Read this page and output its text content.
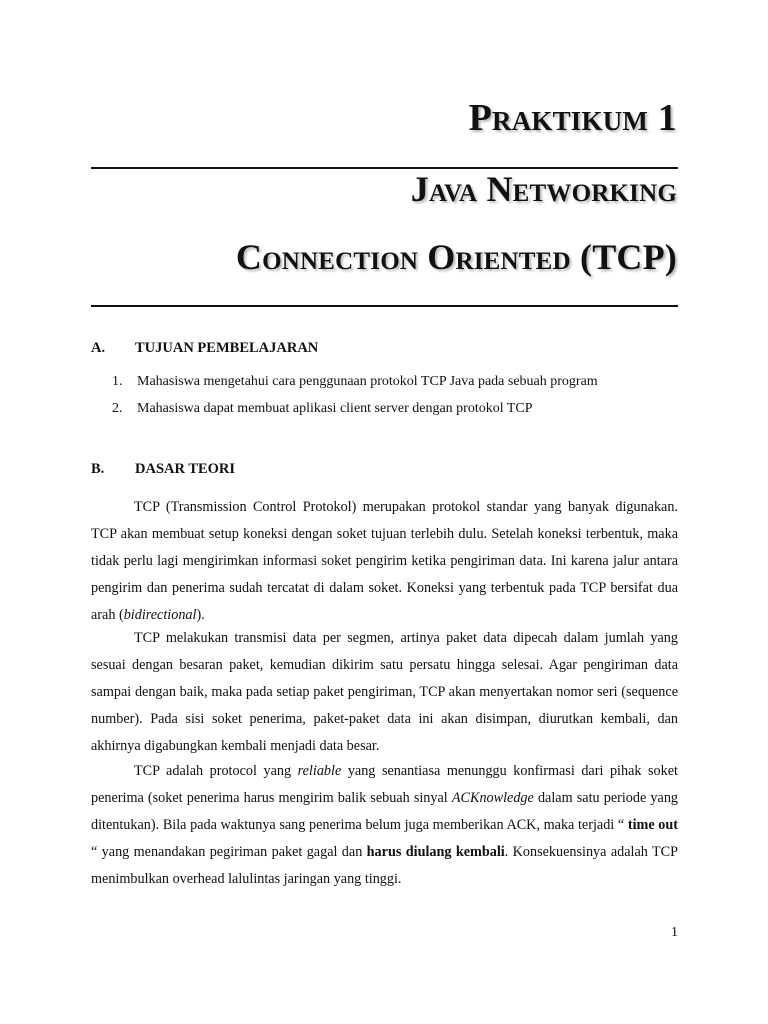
Praktikum 1
Java Networking
Connection Oriented (TCP)
A. TUJUAN PEMBELAJARAN
1. Mahasiswa mengetahui cara penggunaan protokol TCP Java pada sebuah program
2. Mahasiswa dapat membuat aplikasi client server dengan protokol TCP
B. DASAR TEORI

TCP (Transmission Control Protokol) merupakan protokol standar yang banyak digunakan. TCP akan membuat setup koneksi dengan soket tujuan terlebih dulu. Setelah koneksi terbentuk, maka tidak perlu lagi mengirimkan informasi soket pengirim ketika pengiriman data. Ini karena jalur antara pengirim dan penerima sudah tercatat di dalam soket. Koneksi yang terbentuk pada TCP bersifat dua arah (bidirectional).

TCP melakukan transmisi data per segmen, artinya paket data dipecah dalam jumlah yang sesuai dengan besaran paket, kemudian dikirim satu persatu hingga selesai. Agar pengiriman data sampai dengan baik, maka pada setiap paket pengiriman, TCP akan menyertakan nomor seri (sequence number). Pada sisi soket penerima, paket-paket data ini akan disimpan, diurutkan kembali, dan akhirnya digabungkan kembali menjadi data besar.

TCP adalah protocol yang reliable yang senantiasa menunggu konfirmasi dari pihak soket penerima (soket penerima harus mengirim balik sebuah sinyal ACKnowledge dalam satu periode yang ditentukan). Bila pada waktunya sang penerima belum juga memberikan ACK, maka terjadi “ time out “ yang menandakan pegiriman paket gagal dan harus diulang kembali. Konsekuensinya adalah TCP menimbulkan overhead lalulintas jaringan yang tinggi.

1
